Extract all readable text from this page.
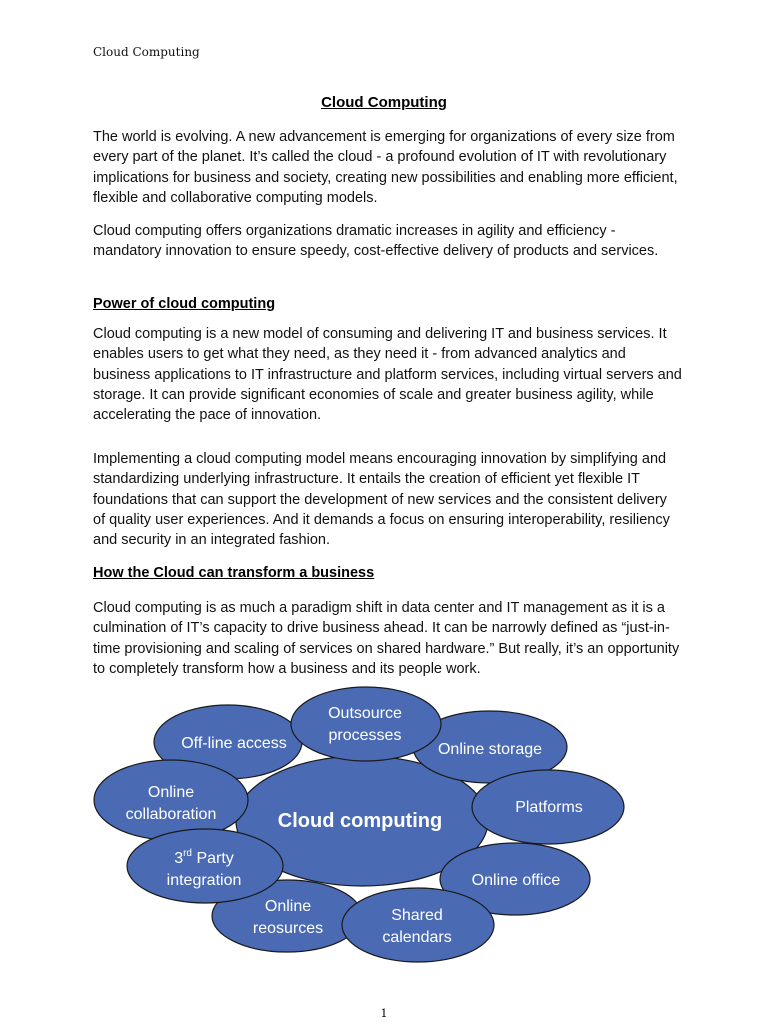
Cloud Computing
Cloud Computing

The world is evolving. A new advancement is emerging for organizations of every size from every part of the planet. It’s called the cloud - a profound evolution of IT with revolutionary implications for business and society, creating new possibilities and enabling more efficient, flexible and collaborative computing models.

Cloud computing offers organizations dramatic increases in agility and efficiency - mandatory innovation to ensure speedy, cost-effective delivery of products and services.

Power of cloud computing

Cloud computing is a new model of consuming and delivering IT and business services. It enables users to get what they need, as they need it - from advanced analytics and business applications to IT infrastructure and platform services, including virtual servers and storage. It can provide significant economies of scale and greater business agility, while accelerating the pace of innovation.

Implementing a cloud computing model means encouraging innovation by simplifying and standardizing underlying infrastructure. It entails the creation of efficient yet flexible IT foundations that can support the development of new services and the consistent delivery of quality user experiences. And it demands a focus on ensuring interoperability, resiliency and security in an integrated fashion.

How the Cloud can transform a business

Cloud computing is as much a paradigm shift in data center and IT management as it is a culmination of IT’s capacity to drive business ahead. It can be narrowly defined as “just-in-time provisioning and scaling of services on shared hardware.” But really, it’s an opportunity to completely transform how a business and its people work.

Cloud computing
Off-line access
Outsource
processes
Online storage
Online
collaboration	Platforms
3rd Party
integration	Online office
Online
reosurces
Shared
calendars
1
